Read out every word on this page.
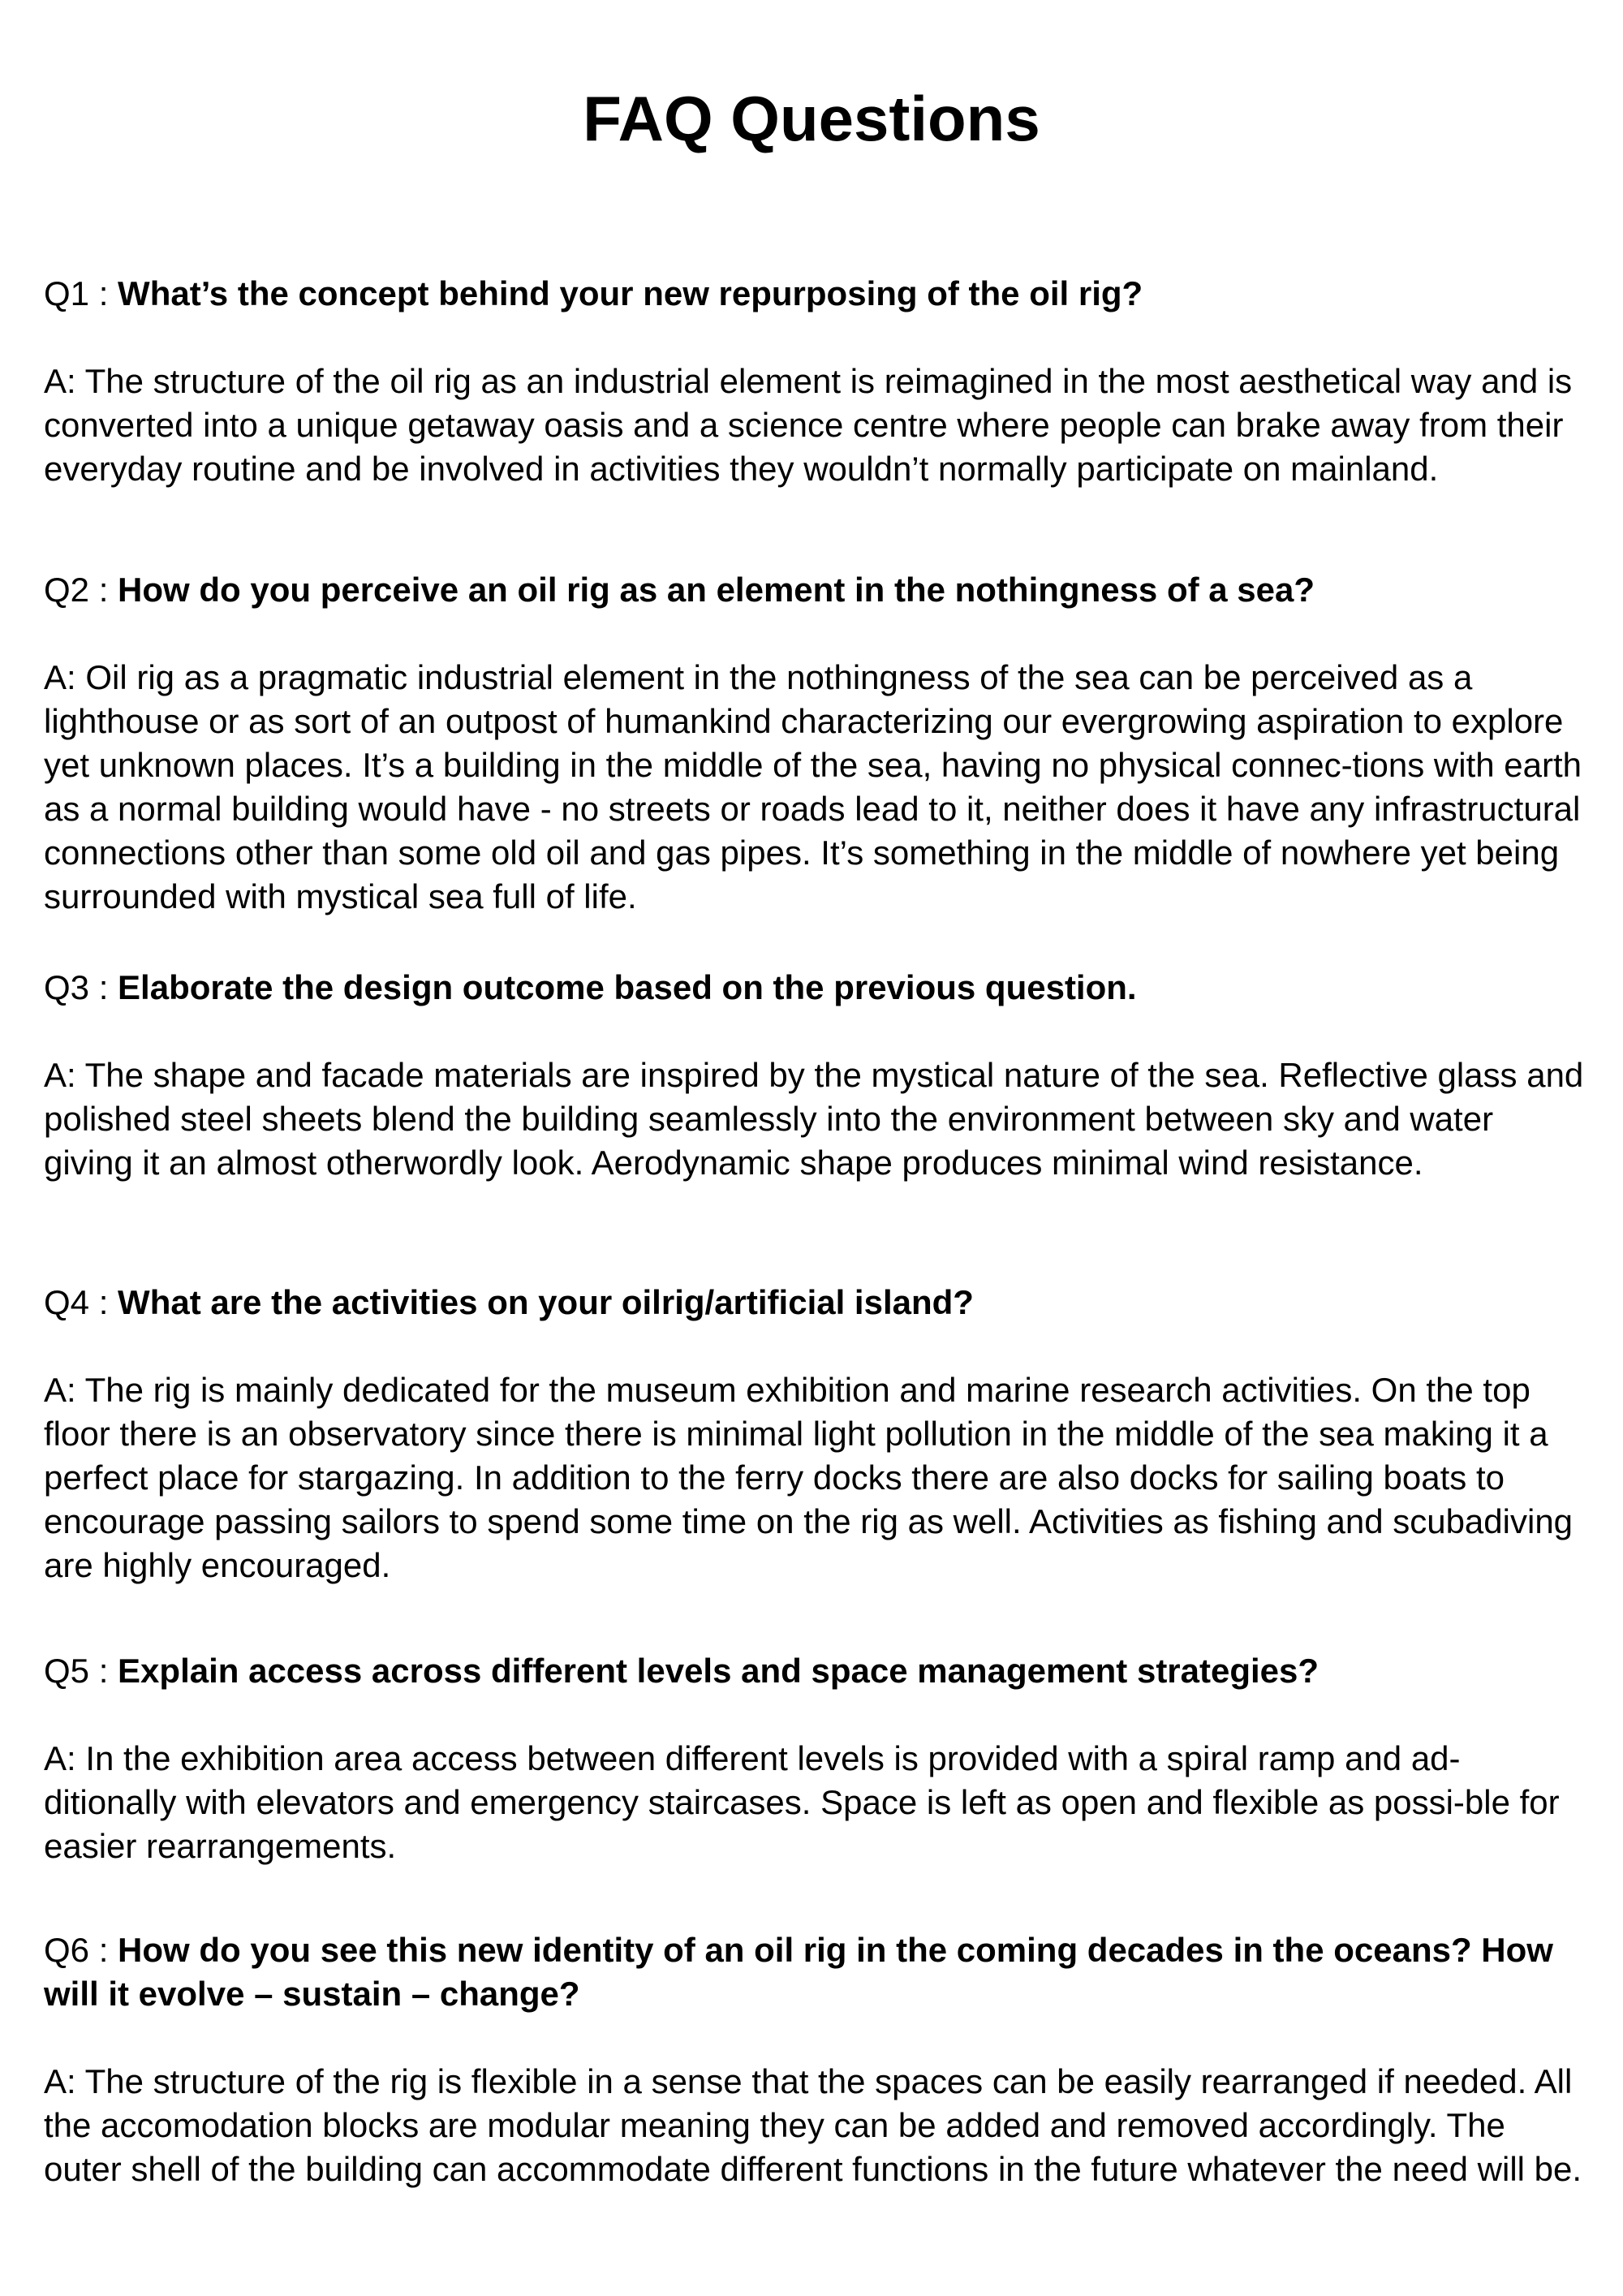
FAQ Questions

Q1 : What’s the concept behind your new repurposing of the oil rig?

A: The structure of the oil rig as an industrial element is reimagined in the most aesthetical way and is converted into a unique getaway oasis and a science centre where people can brake away from their everyday routine and be involved in activities they wouldn’t normally participate on mainland.

Q2 : How do you perceive an oil rig as an element in the nothingness of a sea?

A: Oil rig as a pragmatic industrial element in the nothingness of the sea can be perceived as a lighthouse or as sort of an outpost of humankind characterizing our evergrowing aspiration to explore yet unknown places. It’s a building in the middle of the sea, having no physical connec-tions with earth as a normal building would have - no streets or roads lead to it, neither does it have any infrastructural connections other than some old oil and gas pipes. It’s something in the middle of nowhere yet being surrounded with mystical sea full of life.

Q3 : Elaborate the design outcome based on the previous question.

A: The shape and facade materials are inspired by the mystical nature of the sea. Reflective glass and polished steel sheets blend the building seamlessly into the environment between sky and water giving it an almost otherwordly look. Aerodynamic shape produces minimal wind resistance.

Q4 : What are the activities on your oilrig/artificial island?

A: The rig is mainly dedicated for the museum exhibition and marine research activities. On the top floor there is an observatory since there is minimal light pollution in the middle of the sea making it a perfect place for stargazing. In addition to the ferry docks there are also docks for sailing boats to encourage passing sailors to spend some time on the rig as well. Activities as fishing and scubadiving are highly encouraged.

Q5 : Explain access across different levels and space management strategies?

A: In the exhibition area access between different levels is provided with a spiral ramp and ad-ditionally with elevators and emergency staircases. Space is left as open and flexible as possi-ble for easier rearrangements.

Q6 : How do you see this new identity of an oil rig in the coming decades in the oceans? How will it evolve – sustain – change?

A: The structure of the rig is flexible in a sense that the spaces can be easily rearranged if needed. All the accomodation blocks are modular meaning they can be added and removed accordingly. The outer shell of the building can accommodate different functions in the future whatever the need will be.
